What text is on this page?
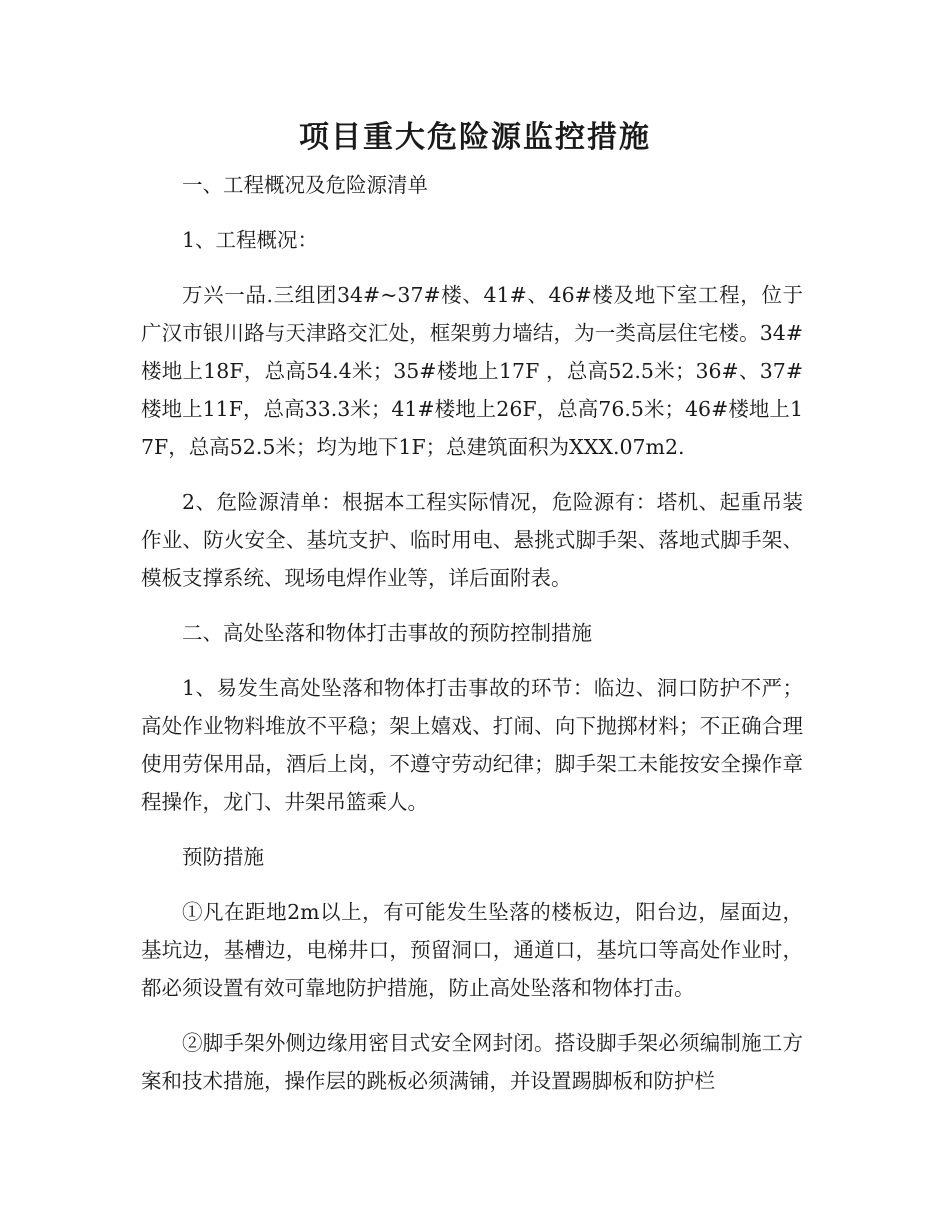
项目重大危险源监控措施

一、工程概况及危险源清单

1、工程概况：

万兴一品.三组团34#~37#楼、41#、46#楼及地下室工程，位于广汉市银川路与天津路交汇处，框架剪力墙结，为一类高层住宅楼。34#楼地上18F，总高54.4米；35#楼地上17F ，总高52.5米；36#、37#楼地上11F，总高33.3米；41#楼地上26F，总高76.5米；46#楼地上17F，总高52.5米；均为地下1F；总建筑面积为XXX.07m2.

2、危险源清单：根据本工程实际情况，危险源有：塔机、起重吊装作业、防火安全、基坑支护、临时用电、悬挑式脚手架、落地式脚手架、模板支撑系统、现场电焊作业等，详后面附表。

二、高处坠落和物体打击事故的预防控制措施

1、易发生高处坠落和物体打击事故的环节：临边、洞口防护不严；高处作业物料堆放不平稳；架上嬉戏、打闹、向下抛掷材料；不正确合理使用劳保用品，酒后上岗，不遵守劳动纪律；脚手架工未能按安全操作章程操作，龙门、井架吊篮乘人。

预防措施

①凡在距地2m以上，有可能发生坠落的楼板边，阳台边，屋面边，基坑边，基槽边，电梯井口，预留洞口，通道口，基坑口等高处作业时，都必须设置有效可靠地防护措施，防止高处坠落和物体打击。

②脚手架外侧边缘用密目式安全网封闭。搭设脚手架必须编制施工方案和技术措施，操作层的跳板必须满铺，并设置踢脚板和防护栏
